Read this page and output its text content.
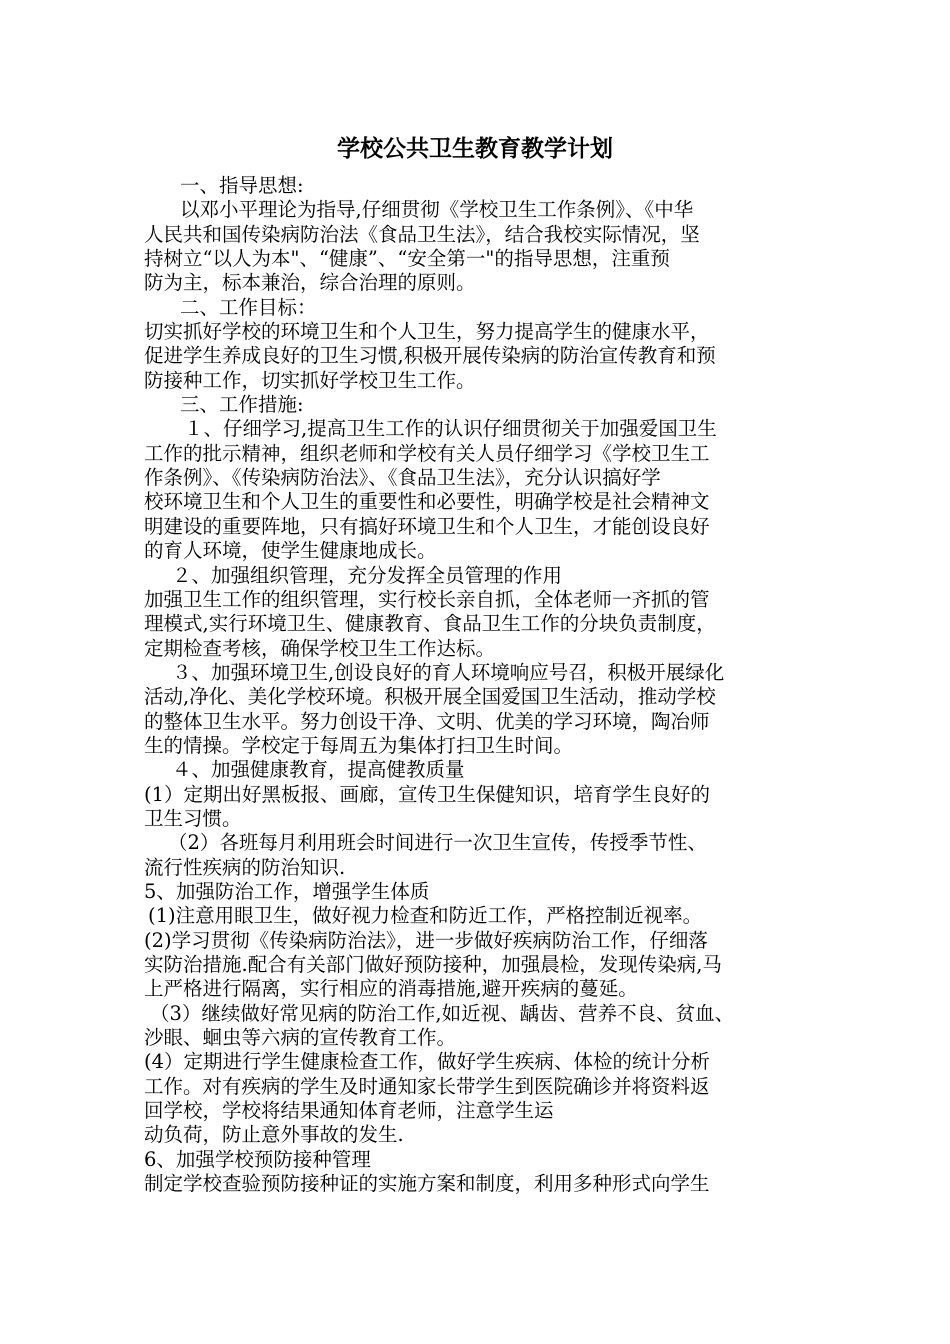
学校公共卫生教育教学计划
一、指导思想:
以邓小平理论为指导,仔细贯彻《学校卫生工作条例》、《中华
人民共和国传染病防治法《食品卫生法》，结合我校实际情况，坚
持树立“以人为本"、“健康”、“安全第一"的指导思想，注重预
防为主，标本兼治，综合治理的原则。
二、工作目标：
切实抓好学校的环境卫生和个人卫生，努力提高学生的健康水平，
促进学生养成良好的卫生习惯,积极开展传染病的防治宣传教育和预
防接种工作，切实抓好学校卫生工作。
三、工作措施:
１、仔细学习,提高卫生工作的认识仔细贯彻关于加强爱国卫生
工作的批示精神，组织老师和学校有关人员仔细学习《学校卫生工
作条例》、《传染病防治法》、《食品卫生法》，充分认识搞好学
校环境卫生和个人卫生的重要性和必要性，明确学校是社会精神文
明建设的重要阵地，只有搞好环境卫生和个人卫生，才能创设良好
的育人环境，使学生健康地成长。
２、加强组织管理，充分发挥全员管理的作用
加强卫生工作的组织管理，实行校长亲自抓，全体老师一齐抓的管
理模式,实行环境卫生、健康教育、食品卫生工作的分块负责制度，
定期检查考核，确保学校卫生工作达标。
３、加强环境卫生,创设良好的育人环境响应号召，积极开展绿化
活动,净化、美化学校环境。积极开展全国爱国卫生活动，推动学校
的整体卫生水平。努力创设干净、文明、优美的学习环境，陶冶师
生的情操。学校定于每周五为集体打扫卫生时间。
４、加强健康教育，提高健教质量
(1）定期出好黑板报、画廊，宣传卫生保健知识，培育学生良好的
卫生习惯。
（2）各班每月利用班会时间进行一次卫生宣传，传授季节性、
流行性疾病的防治知识.
5、加强防治工作，增强学生体质
(1)注意用眼卫生，做好视力检查和防近工作，严格控制近视率。
(2)学习贯彻《传染病防治法》，进一步做好疾病防治工作，仔细落
实防治措施.配合有关部门做好预防接种，加强晨检，发现传染病,马
上严格进行隔离，实行相应的消毒措施,避开疾病的蔓延。
（3）继续做好常见病的防治工作,如近视、龋齿、营养不良、贫血、
沙眼、蛔虫等六病的宣传教育工作。
(4）定期进行学生健康检查工作，做好学生疾病、体检的统计分析
工作。对有疾病的学生及时通知家长带学生到医院确诊并将资料返
回学校，学校将结果通知体育老师，注意学生运
动负荷，防止意外事故的发生.
6、加强学校预防接种管理
制定学校查验预防接种证的实施方案和制度，利用多种形式向学生
